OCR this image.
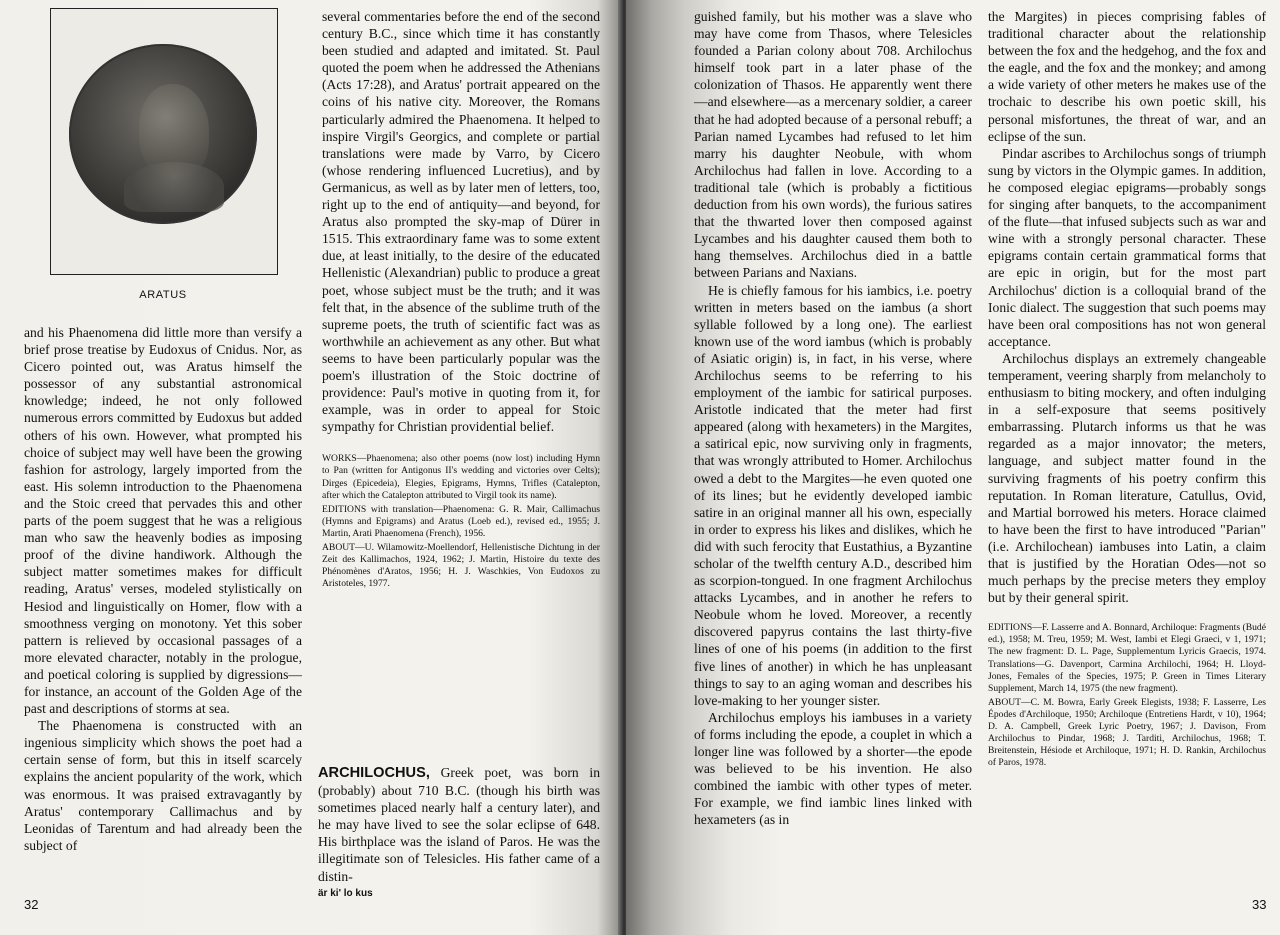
ARATUS

and his Phaenomena did little more than versify a brief prose treatise by Eudoxus of Cnidus. Nor, as Cicero pointed out, was Aratus himself the possessor of any substantial astronomical knowledge; indeed, he not only followed numerous errors committed by Eudoxus but added others of his own. However, what prompted his choice of subject may well have been the growing fashion for astrology, largely imported from the east. His solemn introduction to the Phaenomena and the Stoic creed that pervades this and other parts of the poem suggest that he was a religious man who saw the heavenly bodies as imposing proof of the divine handiwork. Although the subject matter sometimes makes for difficult reading, Aratus' verses, modeled stylistically on Hesiod and linguistically on Homer, flow with a smoothness verging on monotony. Yet this sober pattern is relieved by occasional passages of a more elevated character, notably in the prologue, and poetical coloring is supplied by digressions—for instance, an account of the Golden Age of the past and descriptions of storms at sea.

The Phaenomena is constructed with an ingenious simplicity which shows the poet had a certain sense of form, but this in itself scarcely explains the ancient popularity of the work, which was enormous. It was praised extravagantly by Aratus' contemporary Callimachus and by Leonidas of Tarentum and had already been the subject of

several commentaries before the end of the second century B.C., since which time it has constantly been studied and adapted and imitated. St. Paul quoted the poem when he addressed the Athenians (Acts 17:28), and Aratus' portrait appeared on the coins of his native city. Moreover, the Romans particularly admired the Phaenomena. It helped to inspire Virgil's Georgics, and complete or partial translations were made by Varro, by Cicero (whose rendering influenced Lucretius), and by Germanicus, as well as by later men of letters, too, right up to the end of antiquity—and beyond, for Aratus also prompted the sky-map of Dürer in 1515. This extraordinary fame was to some extent due, at least initially, to the desire of the educated Hellenistic (Alexandrian) public to produce a great poet, whose subject must be the truth; and it was felt that, in the absence of the sublime truth of the supreme poets, the truth of scientific fact was as worthwhile an achievement as any other. But what seems to have been particularly popular was the poem's illustration of the Stoic doctrine of providence: Paul's motive in quoting from it, for example, was in order to appeal for Stoic sympathy for Christian providential belief.

WORKS—Phaenomena; also other poems (now lost) including Hymn to Pan (written for Antigonus II's wedding and victories over Celts); Dirges (Epicedeia), Elegies, Epigrams, Hymns, Trifles (Catalepton, after which the Catalepton attributed to Virgil took its name).

EDITIONS with translation—Phaenomena: G. R. Mair, Callimachus (Hymns and Epigrams) and Aratus (Loeb ed.), revised ed., 1955; J. Martin, Arati Phaenomena (French), 1956.

ABOUT—U. Wilamowitz-Moellendorf, Hellenistische Dichtung in der Zeit des Kallimachos, 1924, 1962; J. Martin, Histoire du texte des Phénomènes d'Aratos, 1956; H. J. Waschkies, Von Eudoxos zu Aristoteles, 1977.

ARCHILOCHUS, Greek poet, was born in (probably) about 710 B.C. (though his birth was sometimes placed nearly half a century later), and he may have lived to see the solar eclipse of 648. His birthplace was the island of Paros. He was the illegitimate son of Telesicles. His father came of a distin-

är ki' lo kus
32

guished family, but his mother was a slave who may have come from Thasos, where Telesicles founded a Parian colony about 708. Archilochus himself took part in a later phase of the colonization of Thasos. He apparently went there—and elsewhere—as a mercenary soldier, a career that he had adopted because of a personal rebuff; a Parian named Lycambes had refused to let him marry his daughter Neobule, with whom Archilochus had fallen in love. According to a traditional tale (which is probably a fictitious deduction from his own words), the furious satires that the thwarted lover then composed against Lycambes and his daughter caused them both to hang themselves. Archilochus died in a battle between Parians and Naxians.

He is chiefly famous for his iambics, i.e. poetry written in meters based on the iambus (a short syllable followed by a long one). The earliest known use of the word iambus (which is probably of Asiatic origin) is, in fact, in his verse, where Archilochus seems to be referring to his employment of the iambic for satirical purposes. Aristotle indicated that the meter had first appeared (along with hexameters) in the Margites, a satirical epic, now surviving only in fragments, that was wrongly attributed to Homer. Archilochus owed a debt to the Margites—he even quoted one of its lines; but he evidently developed iambic satire in an original manner all his own, especially in order to express his likes and dislikes, which he did with such ferocity that Eustathius, a Byzantine scholar of the twelfth century A.D., described him as scorpion-tongued. In one fragment Archilochus attacks Lycambes, and in another he refers to Neobule whom he loved. Moreover, a recently discovered papyrus contains the last thirty-five lines of one of his poems (in addition to the first five lines of another) in which he has unpleasant things to say to an aging woman and describes his love-making to her younger sister.

Archilochus employs his iambuses in a variety of forms including the epode, a couplet in which a longer line was followed by a shorter—the epode was believed to be his invention. He also combined the iambic with other types of meter. For example, we find iambic lines linked with hexameters (as in

the Margites) in pieces comprising fables of traditional character about the relationship between the fox and the hedgehog, and the fox and the eagle, and the fox and the monkey; and among a wide variety of other meters he makes use of the trochaic to describe his own poetic skill, his personal misfortunes, the threat of war, and an eclipse of the sun.

Pindar ascribes to Archilochus songs of triumph sung by victors in the Olympic games. In addition, he composed elegiac epigrams—probably songs for singing after banquets, to the accompaniment of the flute—that infused subjects such as war and wine with a strongly personal character. These epigrams contain certain grammatical forms that are epic in origin, but for the most part Archilochus' diction is a colloquial brand of the Ionic dialect. The suggestion that such poems may have been oral compositions has not won general acceptance.

Archilochus displays an extremely changeable temperament, veering sharply from melancholy to enthusiasm to biting mockery, and often indulging in a self-exposure that seems positively embarrassing. Plutarch informs us that he was regarded as a major innovator; the meters, language, and subject matter found in the surviving fragments of his poetry confirm this reputation. In Roman literature, Catullus, Ovid, and Martial borrowed his meters. Horace claimed to have been the first to have introduced "Parian" (i.e. Archilochean) iambuses into Latin, a claim that is justified by the Horatian Odes—not so much perhaps by the precise meters they employ but by their general spirit.

EDITIONS—F. Lasserre and A. Bonnard, Archiloque: Fragments (Budé ed.), 1958; M. Treu, 1959; M. West, Iambi et Elegi Graeci, v 1, 1971; The new fragment: D. L. Page, Supplementum Lyricis Graecis, 1974. Translations—G. Davenport, Carmina Archilochi, 1964; H. Lloyd-Jones, Females of the Species, 1975; P. Green in Times Literary Supplement, March 14, 1975 (the new fragment).

ABOUT—C. M. Bowra, Early Greek Elegists, 1938; F. Lasserre, Les Épodes d'Archiloque, 1950; Archiloque (Entretiens Hardt, v 10), 1964; D. A. Campbell, Greek Lyric Poetry, 1967; J. Davison, From Archilochus to Pindar, 1968; J. Tarditi, Archilochus, 1968; T. Breitenstein, Hésiode et Archiloque, 1971; H. D. Rankin, Archilochus of Paros, 1978.

33
